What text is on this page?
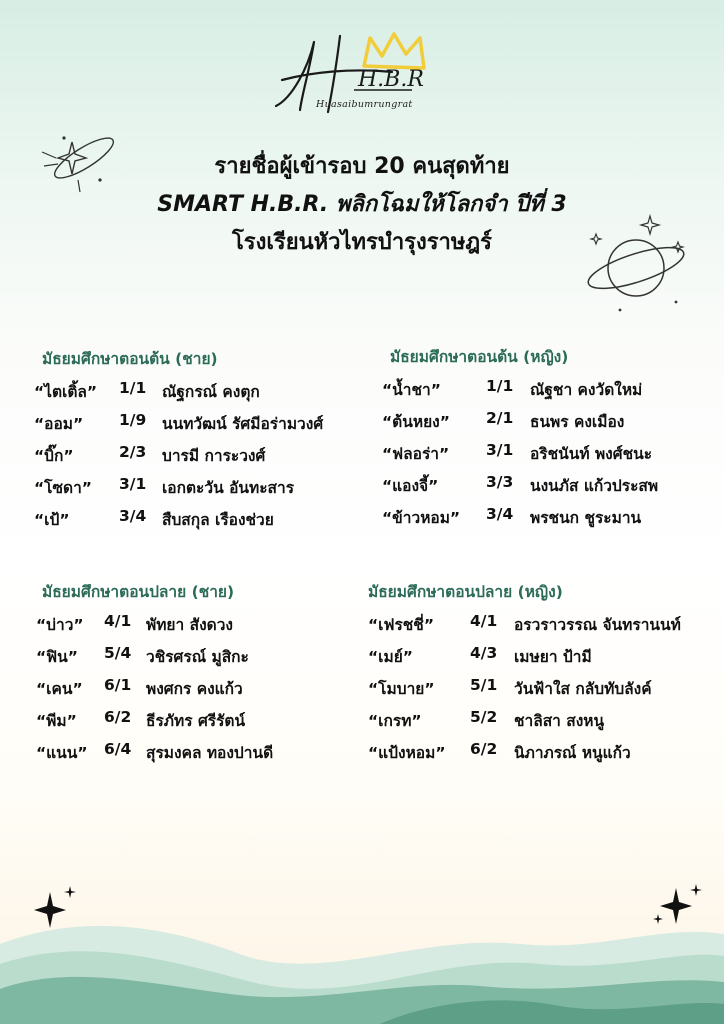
H.B.R
Huasaibumrungrat
รายชื่อผู้เข้ารอบ 20 คนสุดท้าย
SMART H.B.R. พลิกโฉมให้โลกจำ ปีที่ 3
โรงเรียนหัวไทรบำรุงราษฎร์
มัธยมศึกษาตอนต้น (ชาย)
“ไตเติ้ล” 1/1 ณัฐกรณ์ คงตุก
“ออม” 1/9 นนทวัฒน์ รัศมีอร่ามวงศ์
“บิ๊ก”	2/3 บารมี การะวงศ์
“โซดา” 3/1 เอกตะวัน อันทะสาร
“เป้”	3/4 สืบสกุล เรืองช่วย
มัธยมศึกษาตอนต้น (หญิง)
“น้ำชา”	1/1 ณัฐชา คงวัดใหม่
“ต้นหยง” 2/1 ธนพร คงเมือง
“ฟลอร่า” 3/1 อริชนันท์ พงศ์ชนะ
“แองจี้”	3/3 นงนภัส แก้วประสพ
“ข้าวหอม” 3/4 พรชนก ชูระมาน
มัธยมศึกษาตอนปลาย (ชาย)
“บ่าว” 4/1 พัทยา สังดวง
“ฟิน” 5/4 วชิรศรณ์ มูสิกะ
“เคน” 6/1 พงศกร คงแก้ว
“พีม” 6/2 ธีรภัทร ศรีรัตน์
“แนน” 6/4 สุรมงคล ทองปานดี
มัธยมศึกษาตอนปลาย (หญิง)
“เฟรชชี่” 4/1 อรวราวรรณ จันทรานนท์
“เมย์”	4/3 เมษยา ป้ามี
“โมบาย” 5/1 วันฟ้าใส กลับทับลังค์
“เกรท”	5/2 ชาลิสา สงหนู
“แป้งหอม” 6/2 นิภาภรณ์ หนูแก้ว
